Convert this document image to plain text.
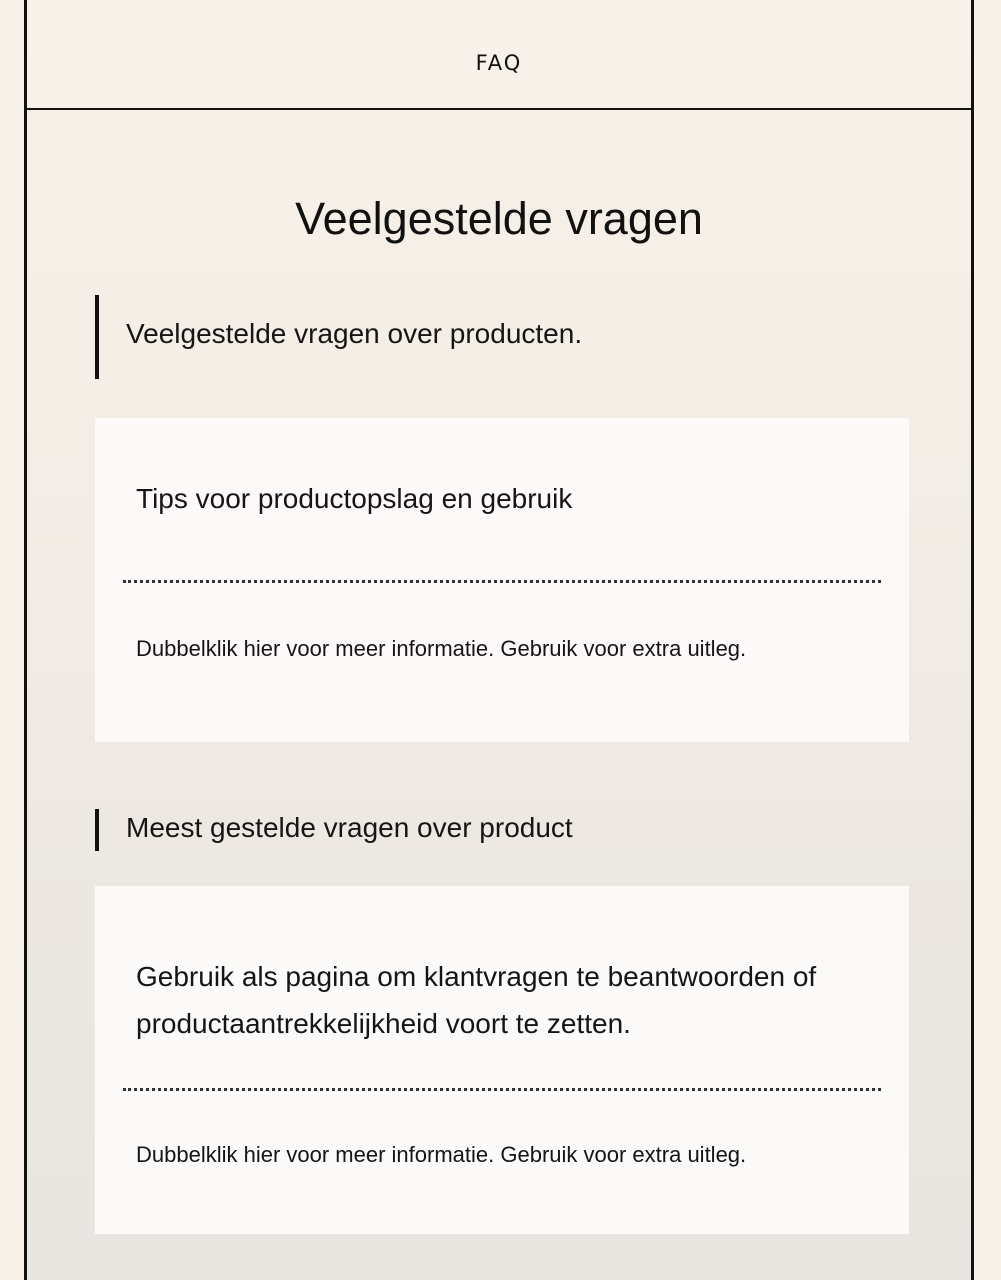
FAQ
Veelgestelde vragen
Veelgestelde vragen over producten.
Tips voor productopslag en gebruik
Dubbelklik hier voor meer informatie. Gebruik voor extra uitleg.
Meest gestelde vragen over product
Gebruik als pagina om klantvragen te beantwoorden of productaantrekkelijkheid voort te zetten.
Dubbelklik hier voor meer informatie. Gebruik voor extra uitleg.
